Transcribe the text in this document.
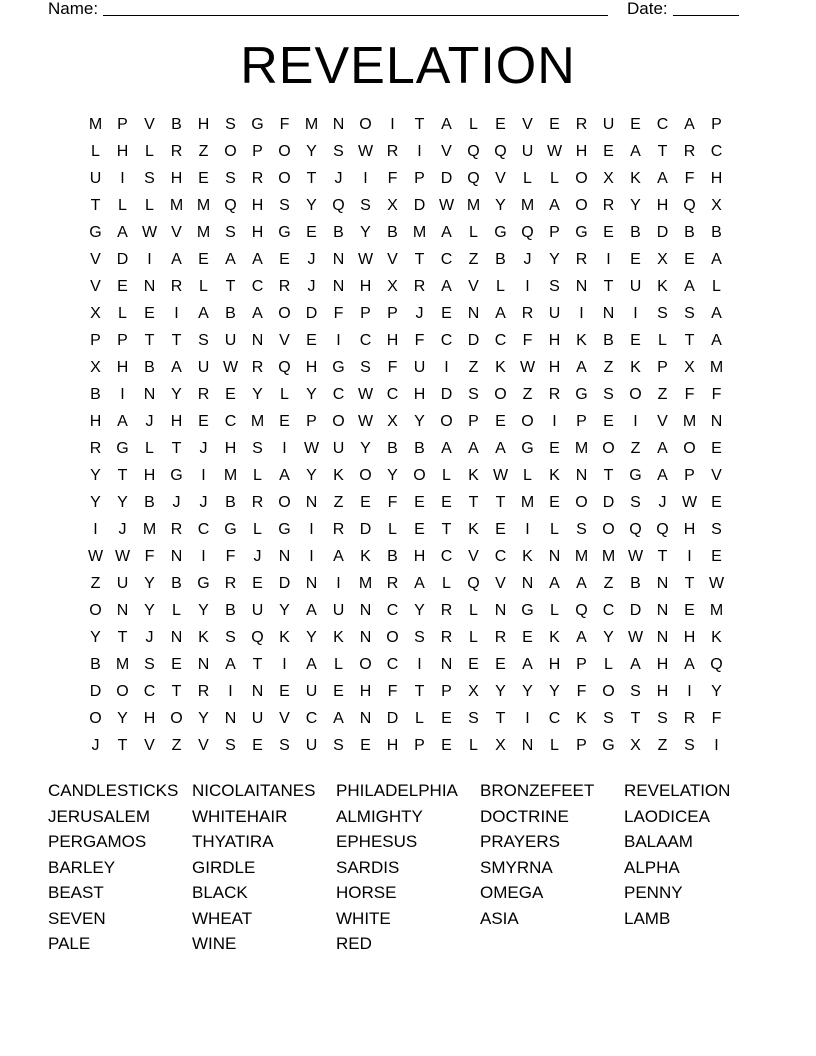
Name:	Date:
REVELATION
M P	V	B H S G F M N O	I	T	A	L	E	V	E R U E C A	P
L	H	L	R	Z O P O Y	S W R	I	V Q Q U W H E	A	T	R C
U	I	S H E	S R O T	J	I	F	P D Q V	L	L	O X	K	A	F	H
T	L	L M M Q H S	Y Q S	X D W M Y M A O R Y H Q X
G A W V M S H G E	B	Y	B M A	L	G Q P G E	B D B	B
V D	I	A	E	A	A	E	J	N W V	T	C	Z	B	J	Y R	I	E	X	E	A
V	E N R	L	T	C R	J	N H X R A	V	L	I	S N	T	U K	A	L
X	L	E	I	A	B	A O D	F	P	P	J	E N A R U	I	N	I	S	S	A
P	P	T	T	S U N V	E	I	C H	F	C D C	F	H K	B	E	L	T	A
X H B	A U W R Q H G S	F	U	I	Z	K W H A	Z	K	P	X M
B	I	N Y R E	Y	L	Y C W C H D S O Z	R G S O Z	F	F
H A	J	H E C M E	P O W X	Y O P	E O	I	P	E	I	V M N
R G	L	T	J	H S	I	W U Y	B	B	A	A	A G E M O Z	A O E
Y	T	H G	I	M L	A	Y	K O Y O	L	K W L	K N	T G A	P	V
Y	Y	B	J	J	B R O N	Z	E	F	E	E	T	T M E O D S	J W E
I	J	M R C G	L	G	I	R D	L	E	T	K	E	I	L	S O Q Q H S
W W F	N	I	F	J	N	I	A	K	B H C V C K N M M W T	I	E
Z	U Y	B G R E D N	I	M R A	L	Q V N A	A	Z	B N	T W
O N Y	L	Y	B U Y	A U N C Y R	L	N G	L	Q C D N E M
Y	T	J	N K	S Q K	Y	K N O S R	L	R E	K	A	Y W N H K
B M S	E N A	T	I	A	L	O C	I	N E	E	A H P	L	A H A Q
D O C	T	R	I	N E U E H	F	T	P	X	Y	Y	Y	F O S H	I	Y
O Y H O Y N U V C A N D	L	E	S	T	I	C K	S	T	S R	F
J	T	V	Z	V	S	E	S U S	E H P	E	L	X N	L	P G X	Z	S	I
CANDLESTICKS NICOLAITANES	PHILADELPHIA	BRONZEFEET	REVELATION
JERUSALEM	WHITEHAIR	ALMIGHTY	DOCTRINE	LAODICEA
PERGAMOS	THYATIRA	EPHESUS	PRAYERS	BALAAM
BARLEY	GIRDLE	SARDIS	SMYRNA	ALPHA
BEAST	BLACK	HORSE	OMEGA	PENNY
SEVEN	WHEAT	WHITE	ASIA	LAMB
PALE	WINE	RED
